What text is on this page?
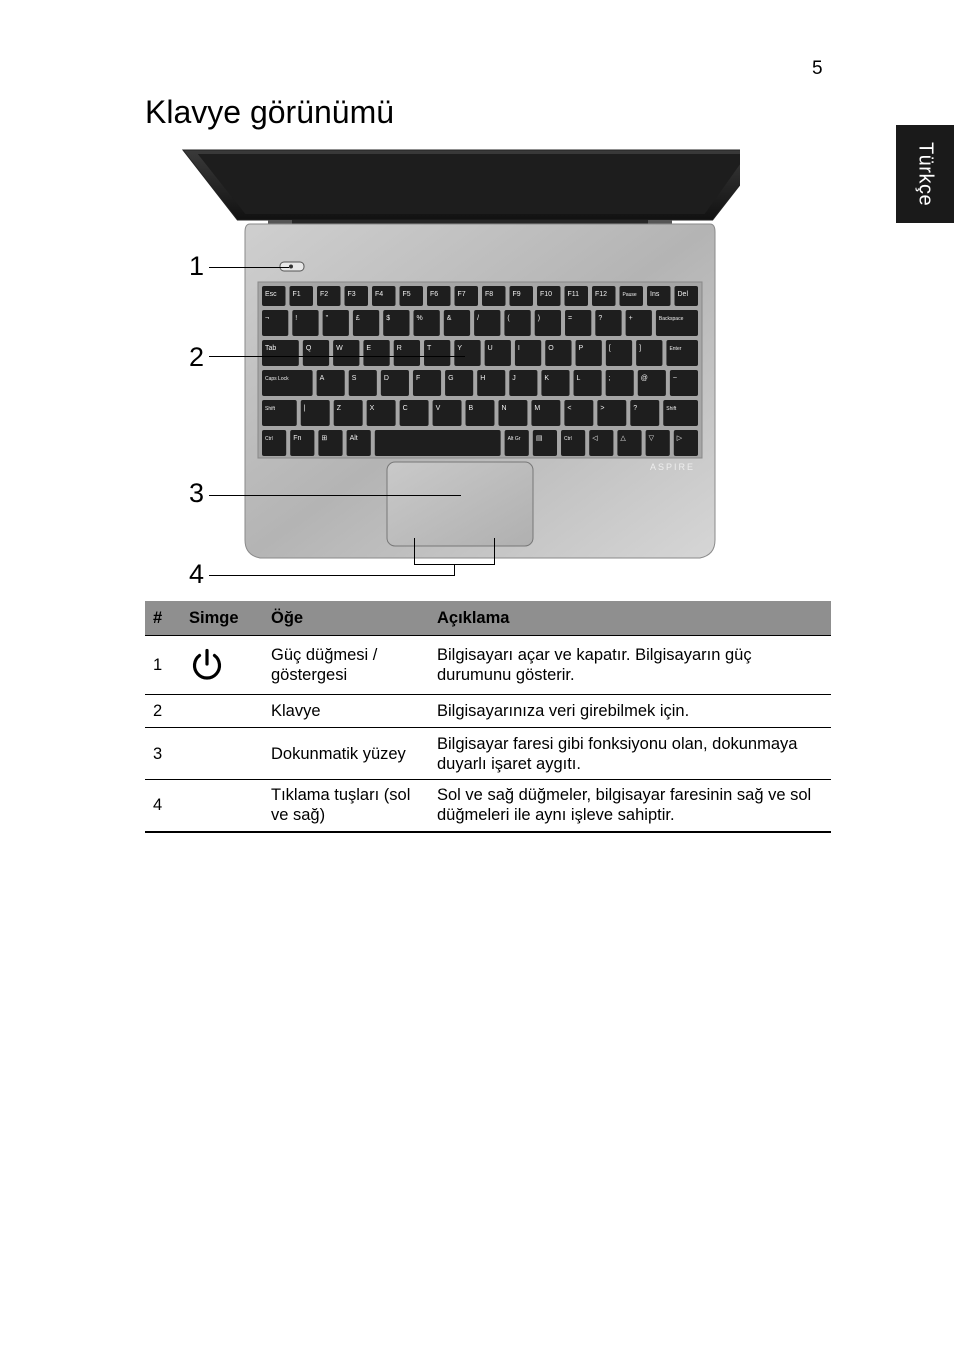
5
Klavye görünümü
Türkçe
Esc F1	F2	F3	F4	F5	F6	F7	F8	F9	F10 F11 F12	Pause Ins	Del
¬	!	"	£	$	%	&	/	(	)	=	?	+	Backspace
Tab	Q	W	E	R	T	Y	U	I	O	P	[	]	Enter
Caps Lock	A	S	D	F	G	H	J	K	L	;	@	~
Shift	|	Z	X	C	V	B	N	M	<	>	?	Shift
Ctrl	Fn	⊞	Alt	Alt Gr ▤	Ctrl	◁	△	▽	▷
ASPIRE
1
2
3
4
#	Simge	Öğe	Açıklama
1		Güç düğmesi / göstergesi	Bilgisayarı açar ve kapatır. Bilgisayarın güç durumunu gösterir.
2		Klavye	Bilgisayarınıza veri girebilmek için.
3		Dokunmatik yüzey	Bilgisayar faresi gibi fonksiyonu olan, dokunmaya duyarlı işaret aygıtı.
4		Tıklama tuşları (sol ve sağ)	Sol ve sağ düğmeler, bilgisayar faresinin sağ ve sol düğmeleri ile aynı işleve sahiptir.
